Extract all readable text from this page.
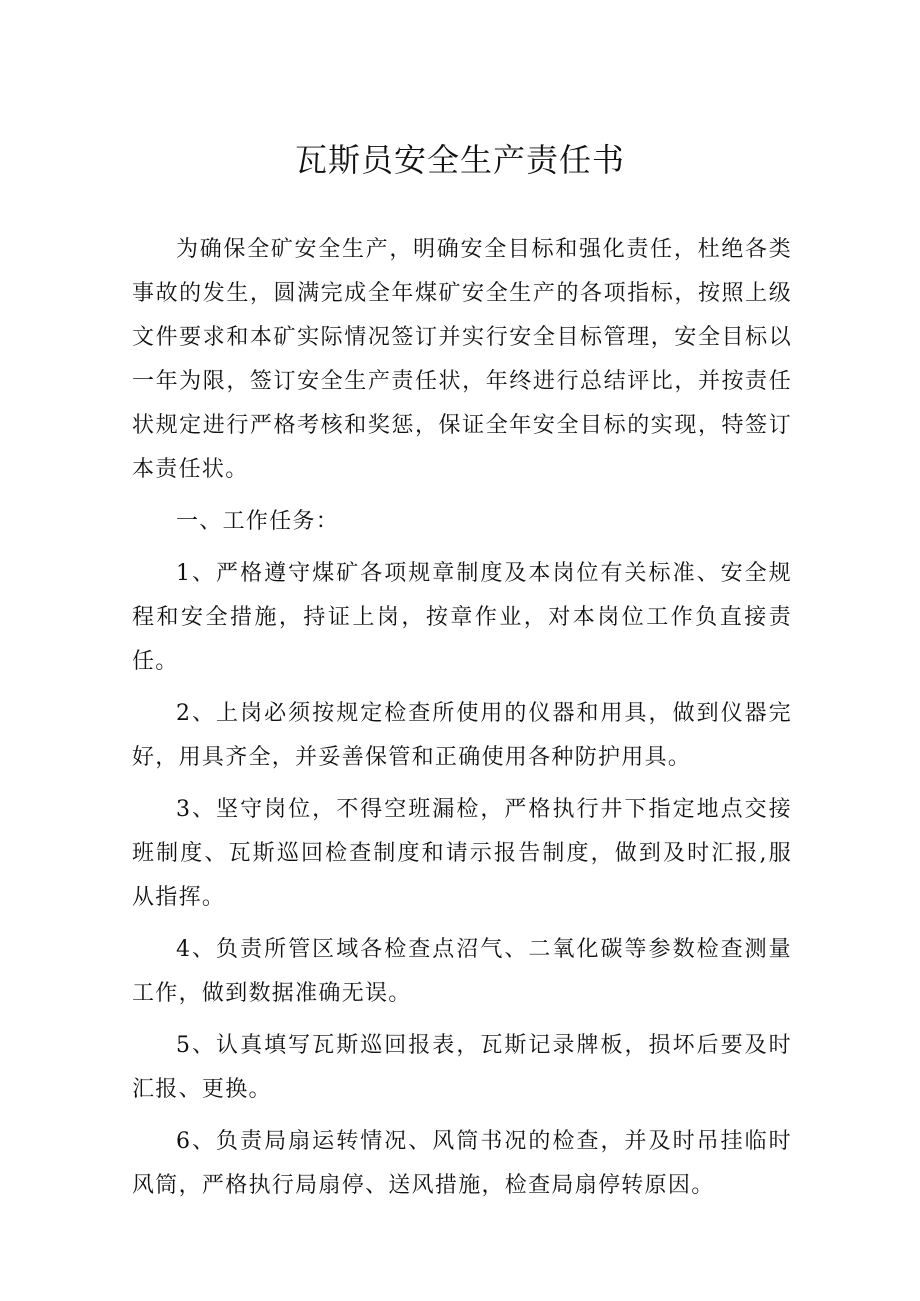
瓦斯员安全生产责任书

为确保全矿安全生产，明确安全目标和强化责任，杜绝各类事故的发生，圆满完成全年煤矿安全生产的各项指标，按照上级文件要求和本矿实际情况签订并实行安全目标管理，安全目标以一年为限，签订安全生产责任状，年终进行总结评比，并按责任状规定进行严格考核和奖惩，保证全年安全目标的实现，特签订本责任状。

一、工作任务：

1、严格遵守煤矿各项规章制度及本岗位有关标准、安全规程和安全措施，持证上岗，按章作业，对本岗位工作负直接责任。

2、上岗必须按规定检查所使用的仪器和用具，做到仪器完好，用具齐全，并妥善保管和正确使用各种防护用具。

3、坚守岗位，不得空班漏检，严格执行井下指定地点交接班制度、瓦斯巡回检查制度和请示报告制度，做到及时汇报,服从指挥。

4、负责所管区域各检查点沼气、二氧化碳等参数检查测量工作，做到数据准确无误。

5、认真填写瓦斯巡回报表，瓦斯记录牌板，损坏后要及时汇报、更换。

6、负责局扇运转情况、风筒书况的检查，并及时吊挂临时风筒，严格执行局扇停、送风措施，检查局扇停转原因。
